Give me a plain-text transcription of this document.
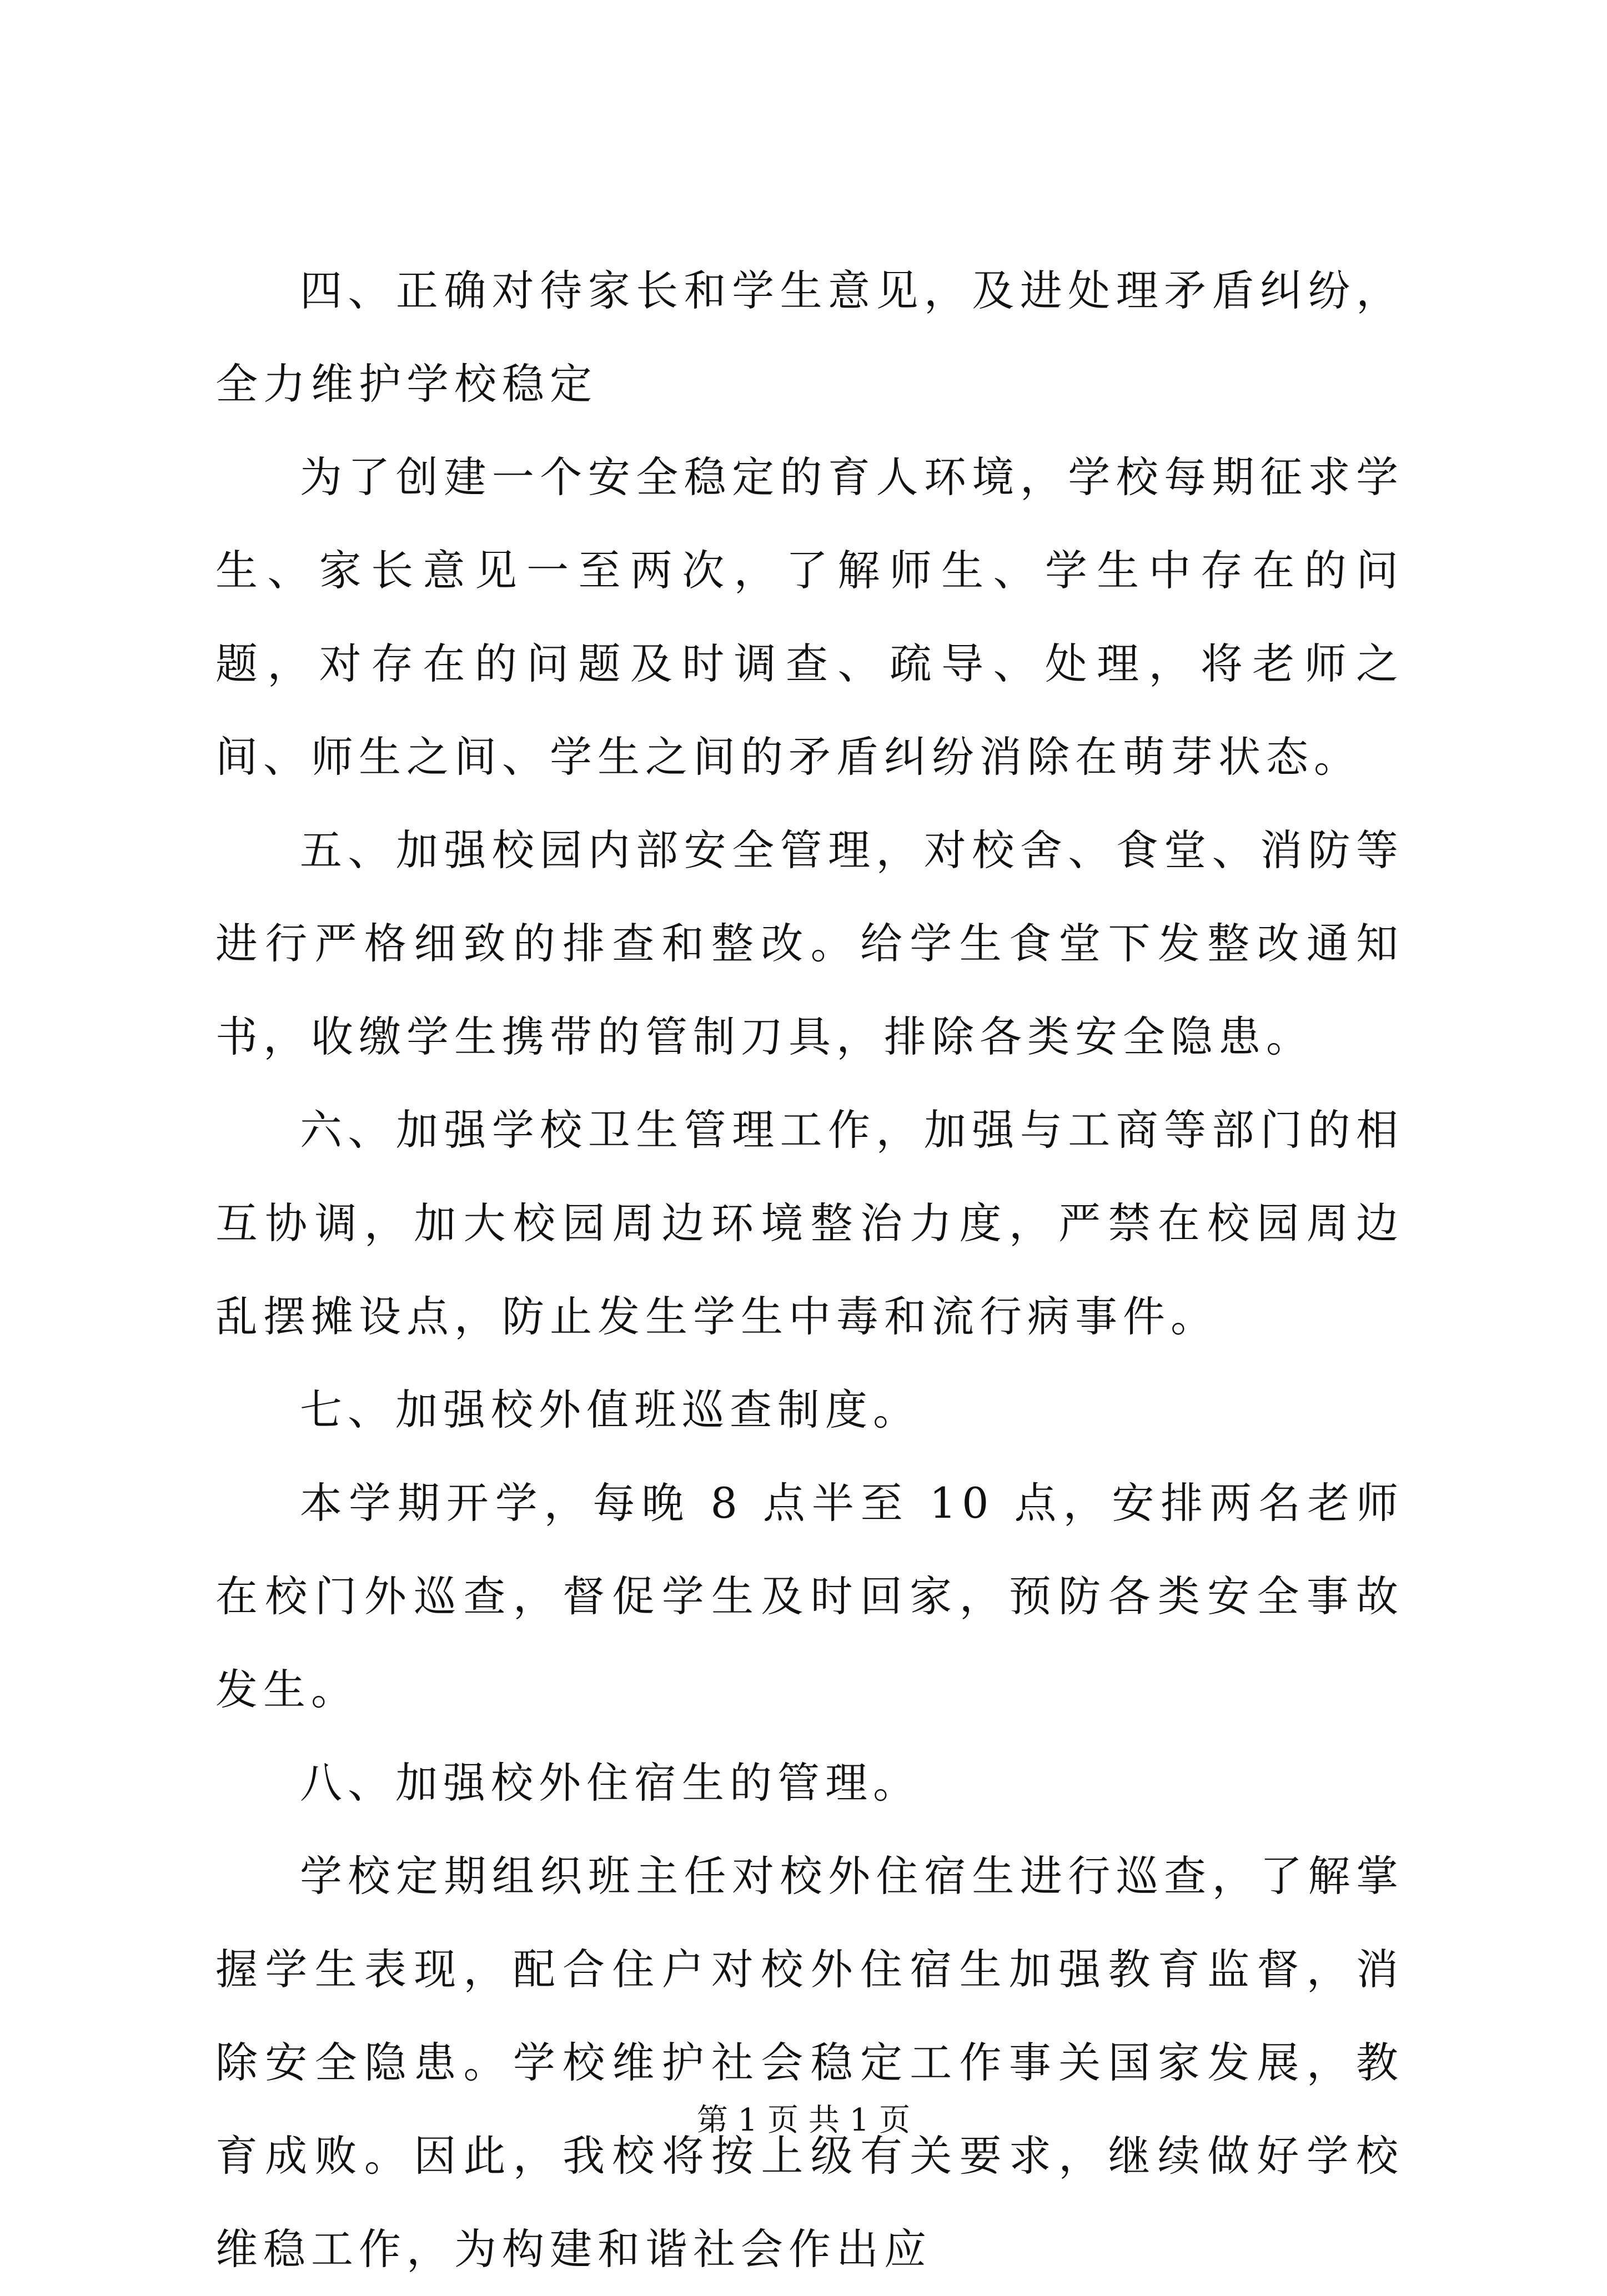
四、正确对待家长和学生意见，及进处理矛盾纠纷，全力维护学校稳定

为了创建一个安全稳定的育人环境，学校每期征求学生、家长意见一至两次，了解师生、学生中存在的问题，对存在的问题及时调查、疏导、处理，将老师之间、师生之间、学生之间的矛盾纠纷消除在萌芽状态。

五、加强校园内部安全管理，对校舍、食堂、消防等进行严格细致的排查和整改。给学生食堂下发整改通知书，收缴学生携带的管制刀具，排除各类安全隐患。

六、加强学校卫生管理工作，加强与工商等部门的相互协调，加大校园周边环境整治力度，严禁在校园周边乱摆摊设点，防止发生学生中毒和流行病事件。

七、加强校外值班巡查制度。

本学期开学，每晚 8 点半至 10 点，安排两名老师在校门外巡查，督促学生及时回家，预防各类安全事故发生。

八、加强校外住宿生的管理。

学校定期组织班主任对校外住宿生进行巡查，了解掌握学生表现，配合住户对校外住宿生加强教育监督，消除安全隐患。学校维护社会稳定工作事关国家发展，教育成败。因此，我校将按上级有关要求，继续做好学校维稳工作，为构建和谐社会作出应

第 1 页 共 1 页
